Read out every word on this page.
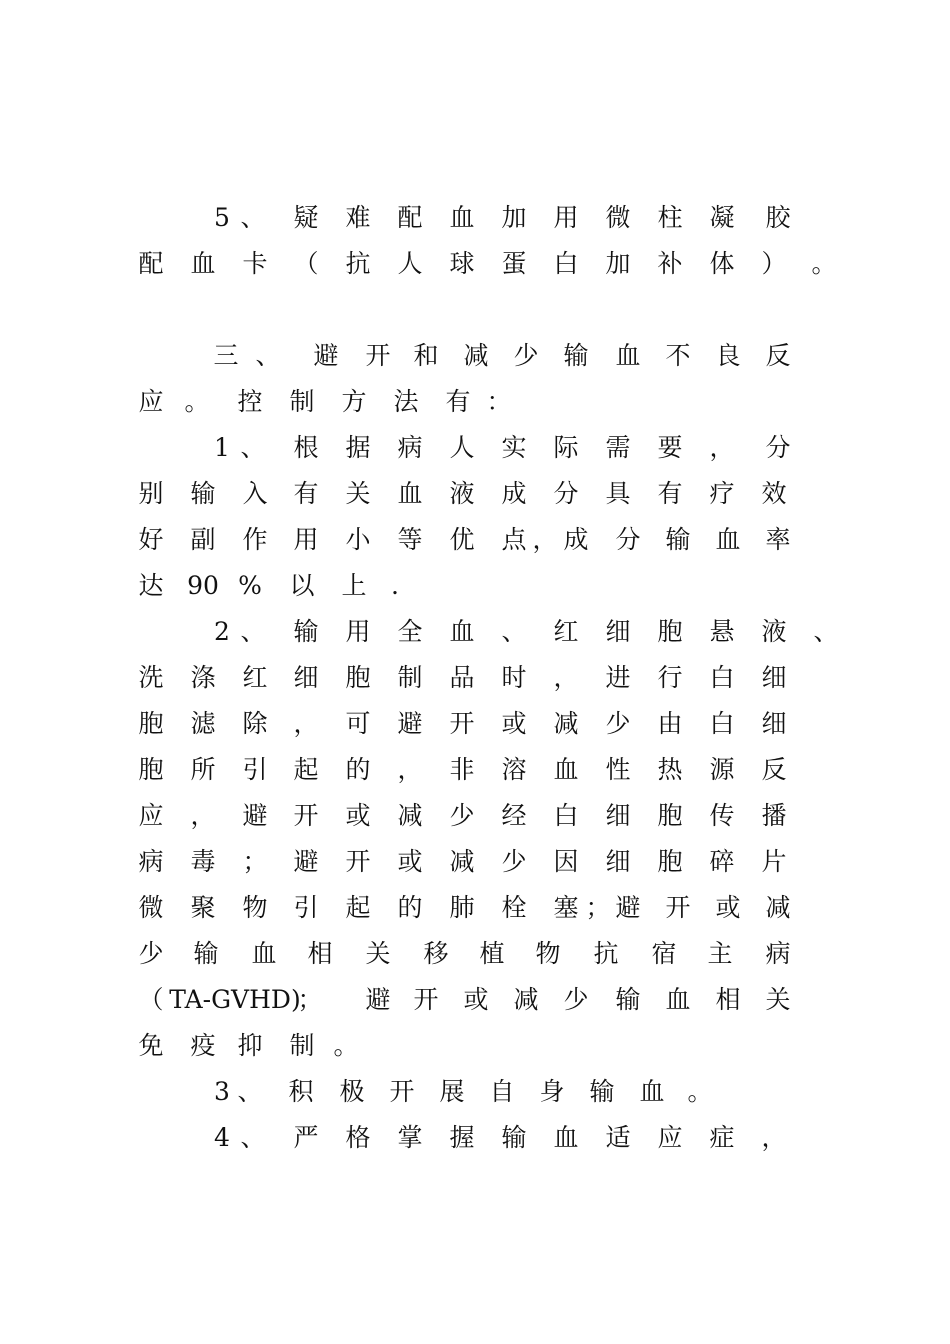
5 、 疑 难 配 血 加 用 微 柱 凝 胶
配 血 卡 （ 抗 人 球 蛋 白 加 补 体 ） 。
三 、 避 开 和 减 少 输 血 不 良 反
应 。 控 制 方 法 有 ：
1 、 根 据 病 人 实 际 需 要 ， 分
别 输 入 有 关 血 液 成 分 具 有 疗 效
好 副 作 用 小 等 优 点 ， 成 分 输 血 率
达 90 % 以 上 .
2 、 输 用 全 血 、 红 细 胞 悬 液 、
洗 涤 红 细 胞 制 品 时 ， 进 行 白 细
胞 滤 除 ， 可 避 开 或 减 少 由 白 细
胞 所 引 起 的 ， 非 溶 血 性 热 源 反
应 ， 避 开 或 减 少 经 白 细 胞 传 播
病 毒 ； 避 开 或 减 少 因 细 胞 碎 片
微 聚 物 引 起 的 肺 栓 塞 ； 避 开 或 减
少 输 血 相 关 移 植 物 抗 宿 主 病
（ TA-GVHD)
； 避 开 或 减 少 输 血 相 关
免 疫 抑 制 。
3 、 积 极 开 展 自 身 输 血 。
4 、 严 格 掌 握 输 血 适 应 症 ，
